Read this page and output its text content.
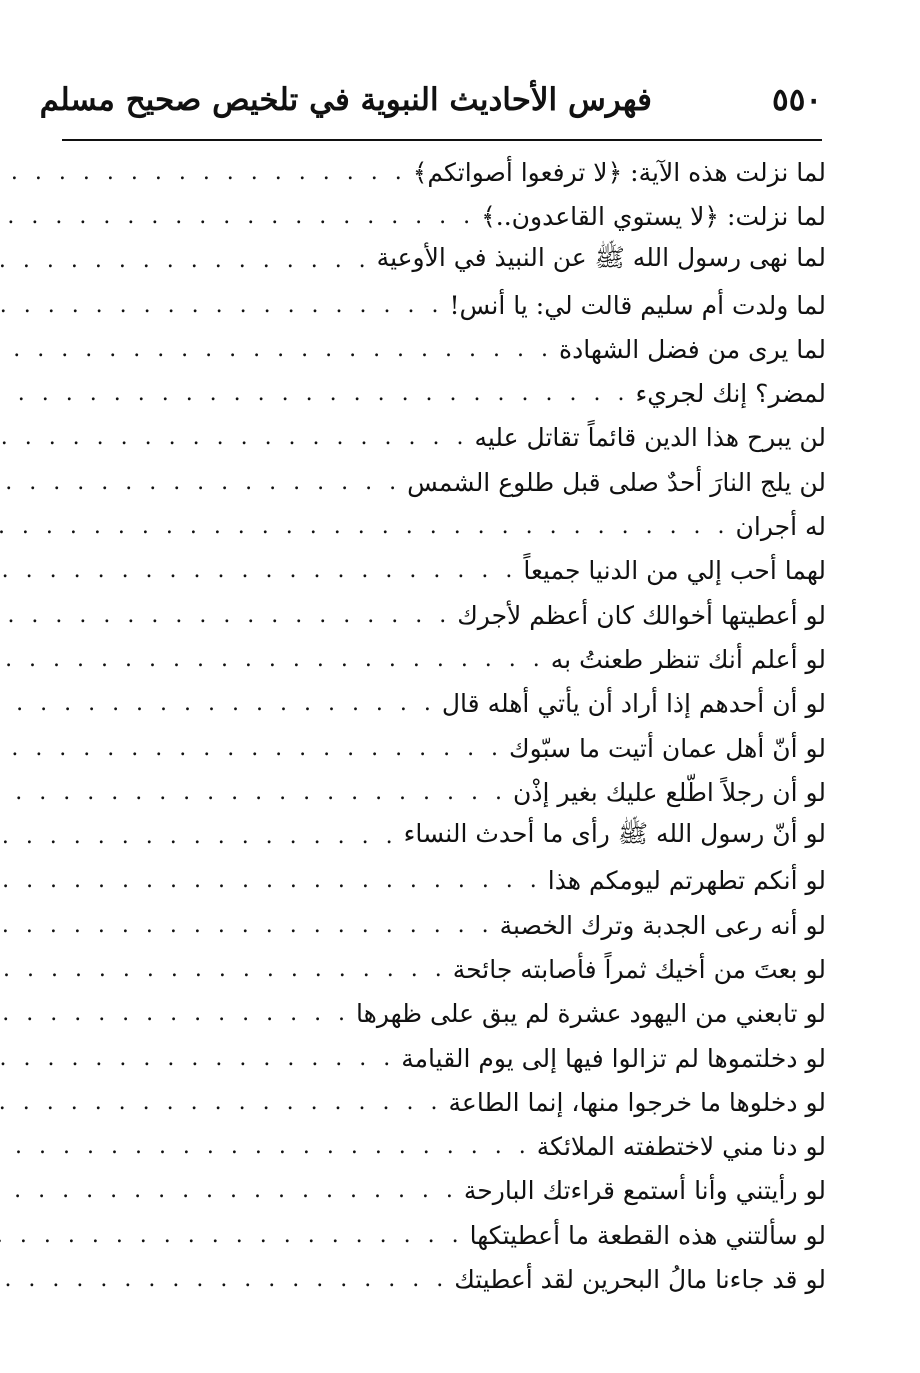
٥٥٠
فهرس الأحاديث النبوية في تلخيص صحيح مسلم
لما نزلت هذه الآية: ﴿لا ترفعوا أصواتكم﴾
. . .
لما نزلت: ﴿لا يستوي القاعدون..﴾
. . .
لما نهى رسول الله ﷺ عن النبيذ في الأوعية
. . .
لما ولدت أم سليم قالت لي: يا أنس!
. . .
لما يرى من فضل الشهادة
. . .
لمضر؟ إنك لجريء
. . .
لن يبرح هذا الدين قائماً تقاتل عليه
. . .
لن يلج النارَ أحدٌ صلى قبل طلوع الشمس
. . .
له أجران
. . .
لهما أحب إلي من الدنيا جميعاً
. . .
لو أعطيتها أخوالك كان أعظم لأجرك
. . .
لو أعلم أنك تنظر طعنتُ به
. . .
لو أن أحدهم إذا أراد أن يأتي أهله قال
. . .
لو أنّ أهل عمان أتيت ما سبّوك
. . .
لو أن رجلاً اطّلع عليك بغير إذْن
. . .
لو أنّ رسول الله ﷺ رأى ما أحدث النساء
. . .
لو أنكم تطهرتم ليومكم هذا
. . .
لو أنه رعى الجدبة وترك الخصبة
. . .
لو بعتَ من أخيك ثمراً فأصابته جائحة
. . .
لو تابعني من اليهود عشرة لم يبق على ظهرها
. . .
لو دخلتموها لم تزالوا فيها إلى يوم القيامة
. . .
لو دخلوها ما خرجوا منها، إنما الطاعة
. . .
لو دنا مني لاختطفته الملائكة
. . .
لو رأيتني وأنا أستمع قراءتك البارحة
. . .
لو سألتني هذه القطعة ما أعطيتكها
. . .
لو قد جاءنا مالُ البحرين لقد أعطيتك
. . .
